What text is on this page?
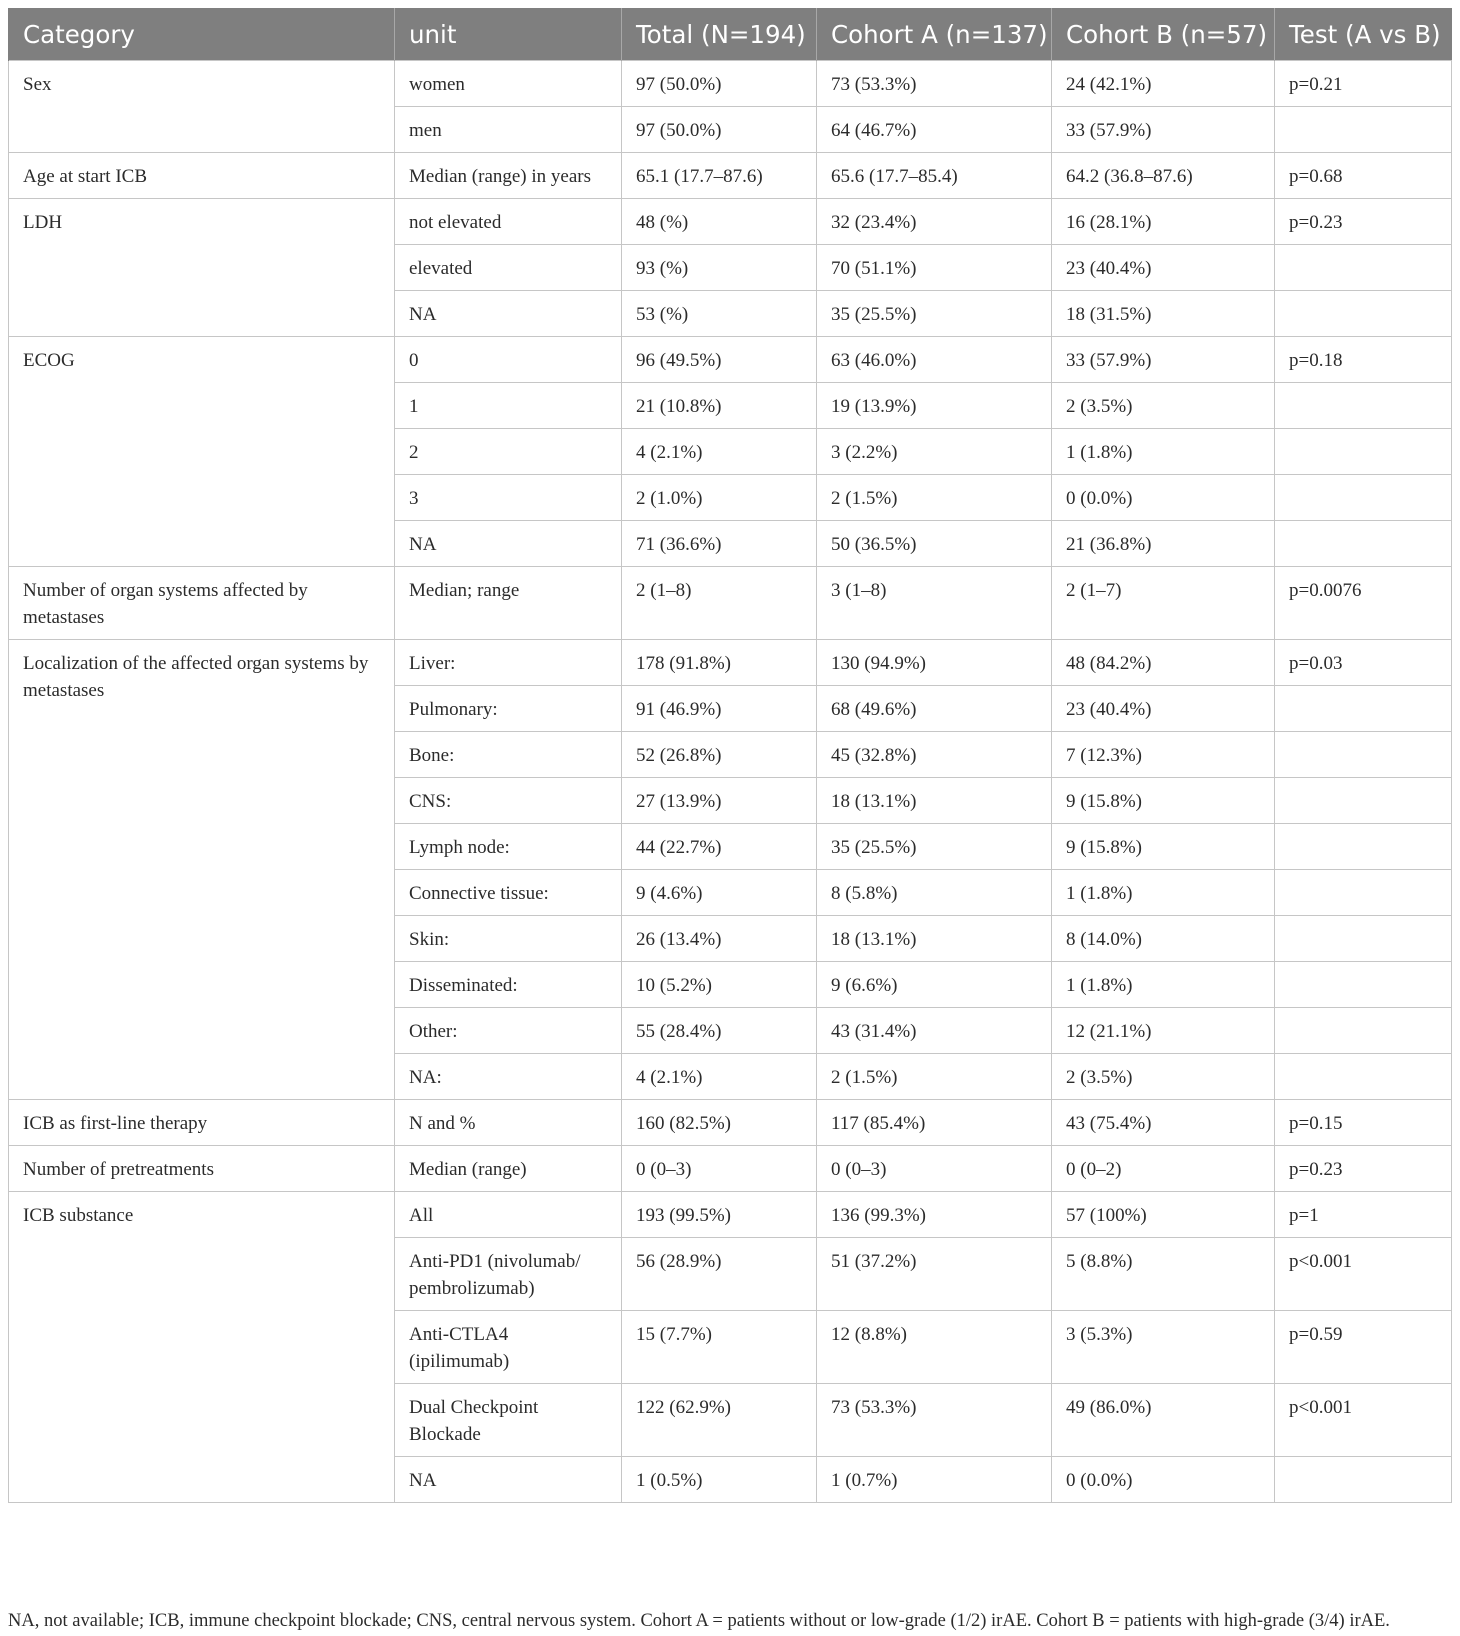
Category	unit	Total (N=194)	Cohort A (n=137)	Cohort B (n=57)	Test (A vs B)
Sex	women	97 (50.0%)	73 (53.3%)	24 (42.1%)	p=0.21
	men	97 (50.0%)	64 (46.7%)	33 (57.9%)	
Age at start ICB	Median (range) in years	65.1 (17.7–87.6)	65.6 (17.7–85.4)	64.2 (36.8–87.6)	p=0.68
LDH	not elevated	48 (%)	32 (23.4%)	16 (28.1%)	p=0.23
	elevated	93 (%)	70 (51.1%)	23 (40.4%)	
	NA	53 (%)	35 (25.5%)	18 (31.5%)	
ECOG	0	96 (49.5%)	63 (46.0%)	33 (57.9%)	p=0.18
	1	21 (10.8%)	19 (13.9%)	2 (3.5%)	
	2	4 (2.1%)	3 (2.2%)	1 (1.8%)	
	3	2 (1.0%)	2 (1.5%)	0 (0.0%)	
	NA	71 (36.6%)	50 (36.5%)	21 (36.8%)	
Number of organ systems affected by metastases	Median; range	2 (1–8)	3 (1–8)	2 (1–7)	p=0.0076
Localization of the affected organ systems by metastases	Liver:	178 (91.8%)	130 (94.9%)	48 (84.2%)	p=0.03
	Pulmonary:	91 (46.9%)	68 (49.6%)	23 (40.4%)	
	Bone:	52 (26.8%)	45 (32.8%)	7 (12.3%)	
	CNS:	27 (13.9%)	18 (13.1%)	9 (15.8%)	
	Lymph node:	44 (22.7%)	35 (25.5%)	9 (15.8%)	
	Connective tissue:	9 (4.6%)	8 (5.8%)	1 (1.8%)	
	Skin:	26 (13.4%)	18 (13.1%)	8 (14.0%)	
	Disseminated:	10 (5.2%)	9 (6.6%)	1 (1.8%)	
	Other:	55 (28.4%)	43 (31.4%)	12 (21.1%)	
	NA:	4 (2.1%)	2 (1.5%)	2 (3.5%)	
ICB as first-line therapy	N and %	160 (82.5%)	117 (85.4%)	43 (75.4%)	p=0.15
Number of pretreatments	Median (range)	0 (0–3)	0 (0–3)	0 (0–2)	p=0.23
ICB substance	All	193 (99.5%)	136 (99.3%)	57 (100%)	p=1
	Anti-PD1 (nivolumab/ pembrolizumab)	56 (28.9%)	51 (37.2%)	5 (8.8%)	p<0.001
	Anti-CTLA4 (ipilimumab)	15 (7.7%)	12 (8.8%)	3 (5.3%)	p=0.59
	Dual Checkpoint Blockade	122 (62.9%)	73 (53.3%)	49 (86.0%)	p<0.001
	NA	1 (0.5%)	1 (0.7%)	0 (0.0%)	

NA, not available; ICB, immune checkpoint blockade; CNS, central nervous system. Cohort A = patients without or low-grade (1/2) irAE. Cohort B = patients with high-grade (3/4) irAE.
